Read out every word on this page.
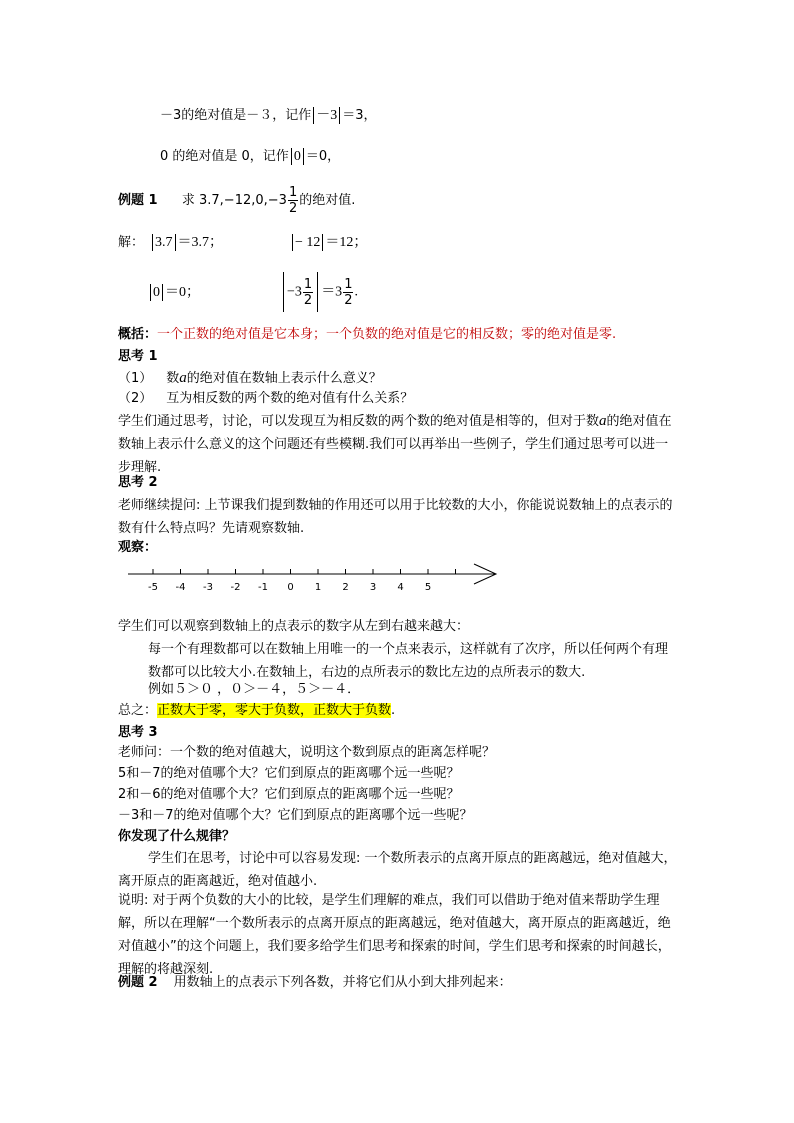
－3的绝对值是－３，记作 －3 ＝3，
0 的绝对值是 0，记作 0 ＝0，
例题 1 求 $3.7,-12,0,-3 \frac{1}{2}$ 的绝对值.
解： 3.7 ＝3.7；	− 12 ＝12；
0 ＝0；	$-3 \frac{1}{2} =3 \frac{1}{2}$ .
概括：一个正数的绝对值是它本身；一个负数的绝对值是它的相反数；零的绝对值是零.
思考 1
（1） 数a的绝对值在数轴上表示什么意义？
（2） 互为相反数的两个数的绝对值有什么关系？
学生们通过思考，讨论，可以发现互为相反数的两个数的绝对值是相等的，但对于数a的绝对值在数轴上表示什么意义的这个问题还有些模糊.我们可以再举出一些例子，学生们通过思考可以进一步理解.
思考 2
老师继续提问: 上节课我们提到数轴的作用还可以用于比较数的大小，你能说说数轴上的点表示的数有什么特点吗？先请观察数轴.
观察：
-5 -4 -3 -2 -1 0 1 2 3 4 5
学生们可以观察到数轴上的点表示的数字从左到右越来越大：
每一个有理数都可以在数轴上用唯一的一个点来表示，这样就有了次序，所以任何两个有理数都可以比较大小.在数轴上，右边的点所表示的数比左边的点所表示的数大.
例如５＞０ ，０＞－４，５＞－４．
总之：正数大于零，零大于负数，正数大于负数.
思考 3
老师问：一个数的绝对值越大，说明这个数到原点的距离怎样呢？
5和－7的绝对值哪个大？它们到原点的距离哪个远一些呢？
2和－6的绝对值哪个大？它们到原点的距离哪个远一些呢？
－3和－7的绝对值哪个大？它们到原点的距离哪个远一些呢？
你发现了什么规律？
学生们在思考，讨论中可以容易发现: 一个数所表示的点离开原点的距离越远，绝对值越大，离开原点的距离越近，绝对值越小.
说明: 对于两个负数的大小的比较，是学生们理解的难点，我们可以借助于绝对值来帮助学生理解，所以在理解“一个数所表示的点离开原点的距离越远，绝对值越大，离开原点的距离越近，绝对值越小”的这个问题上，我们要多给学生们思考和探索的时间，学生们思考和探索的时间越长，理解的将越深刻.
例题 2 用数轴上的点表示下列各数，并将它们从小到大排列起来：
